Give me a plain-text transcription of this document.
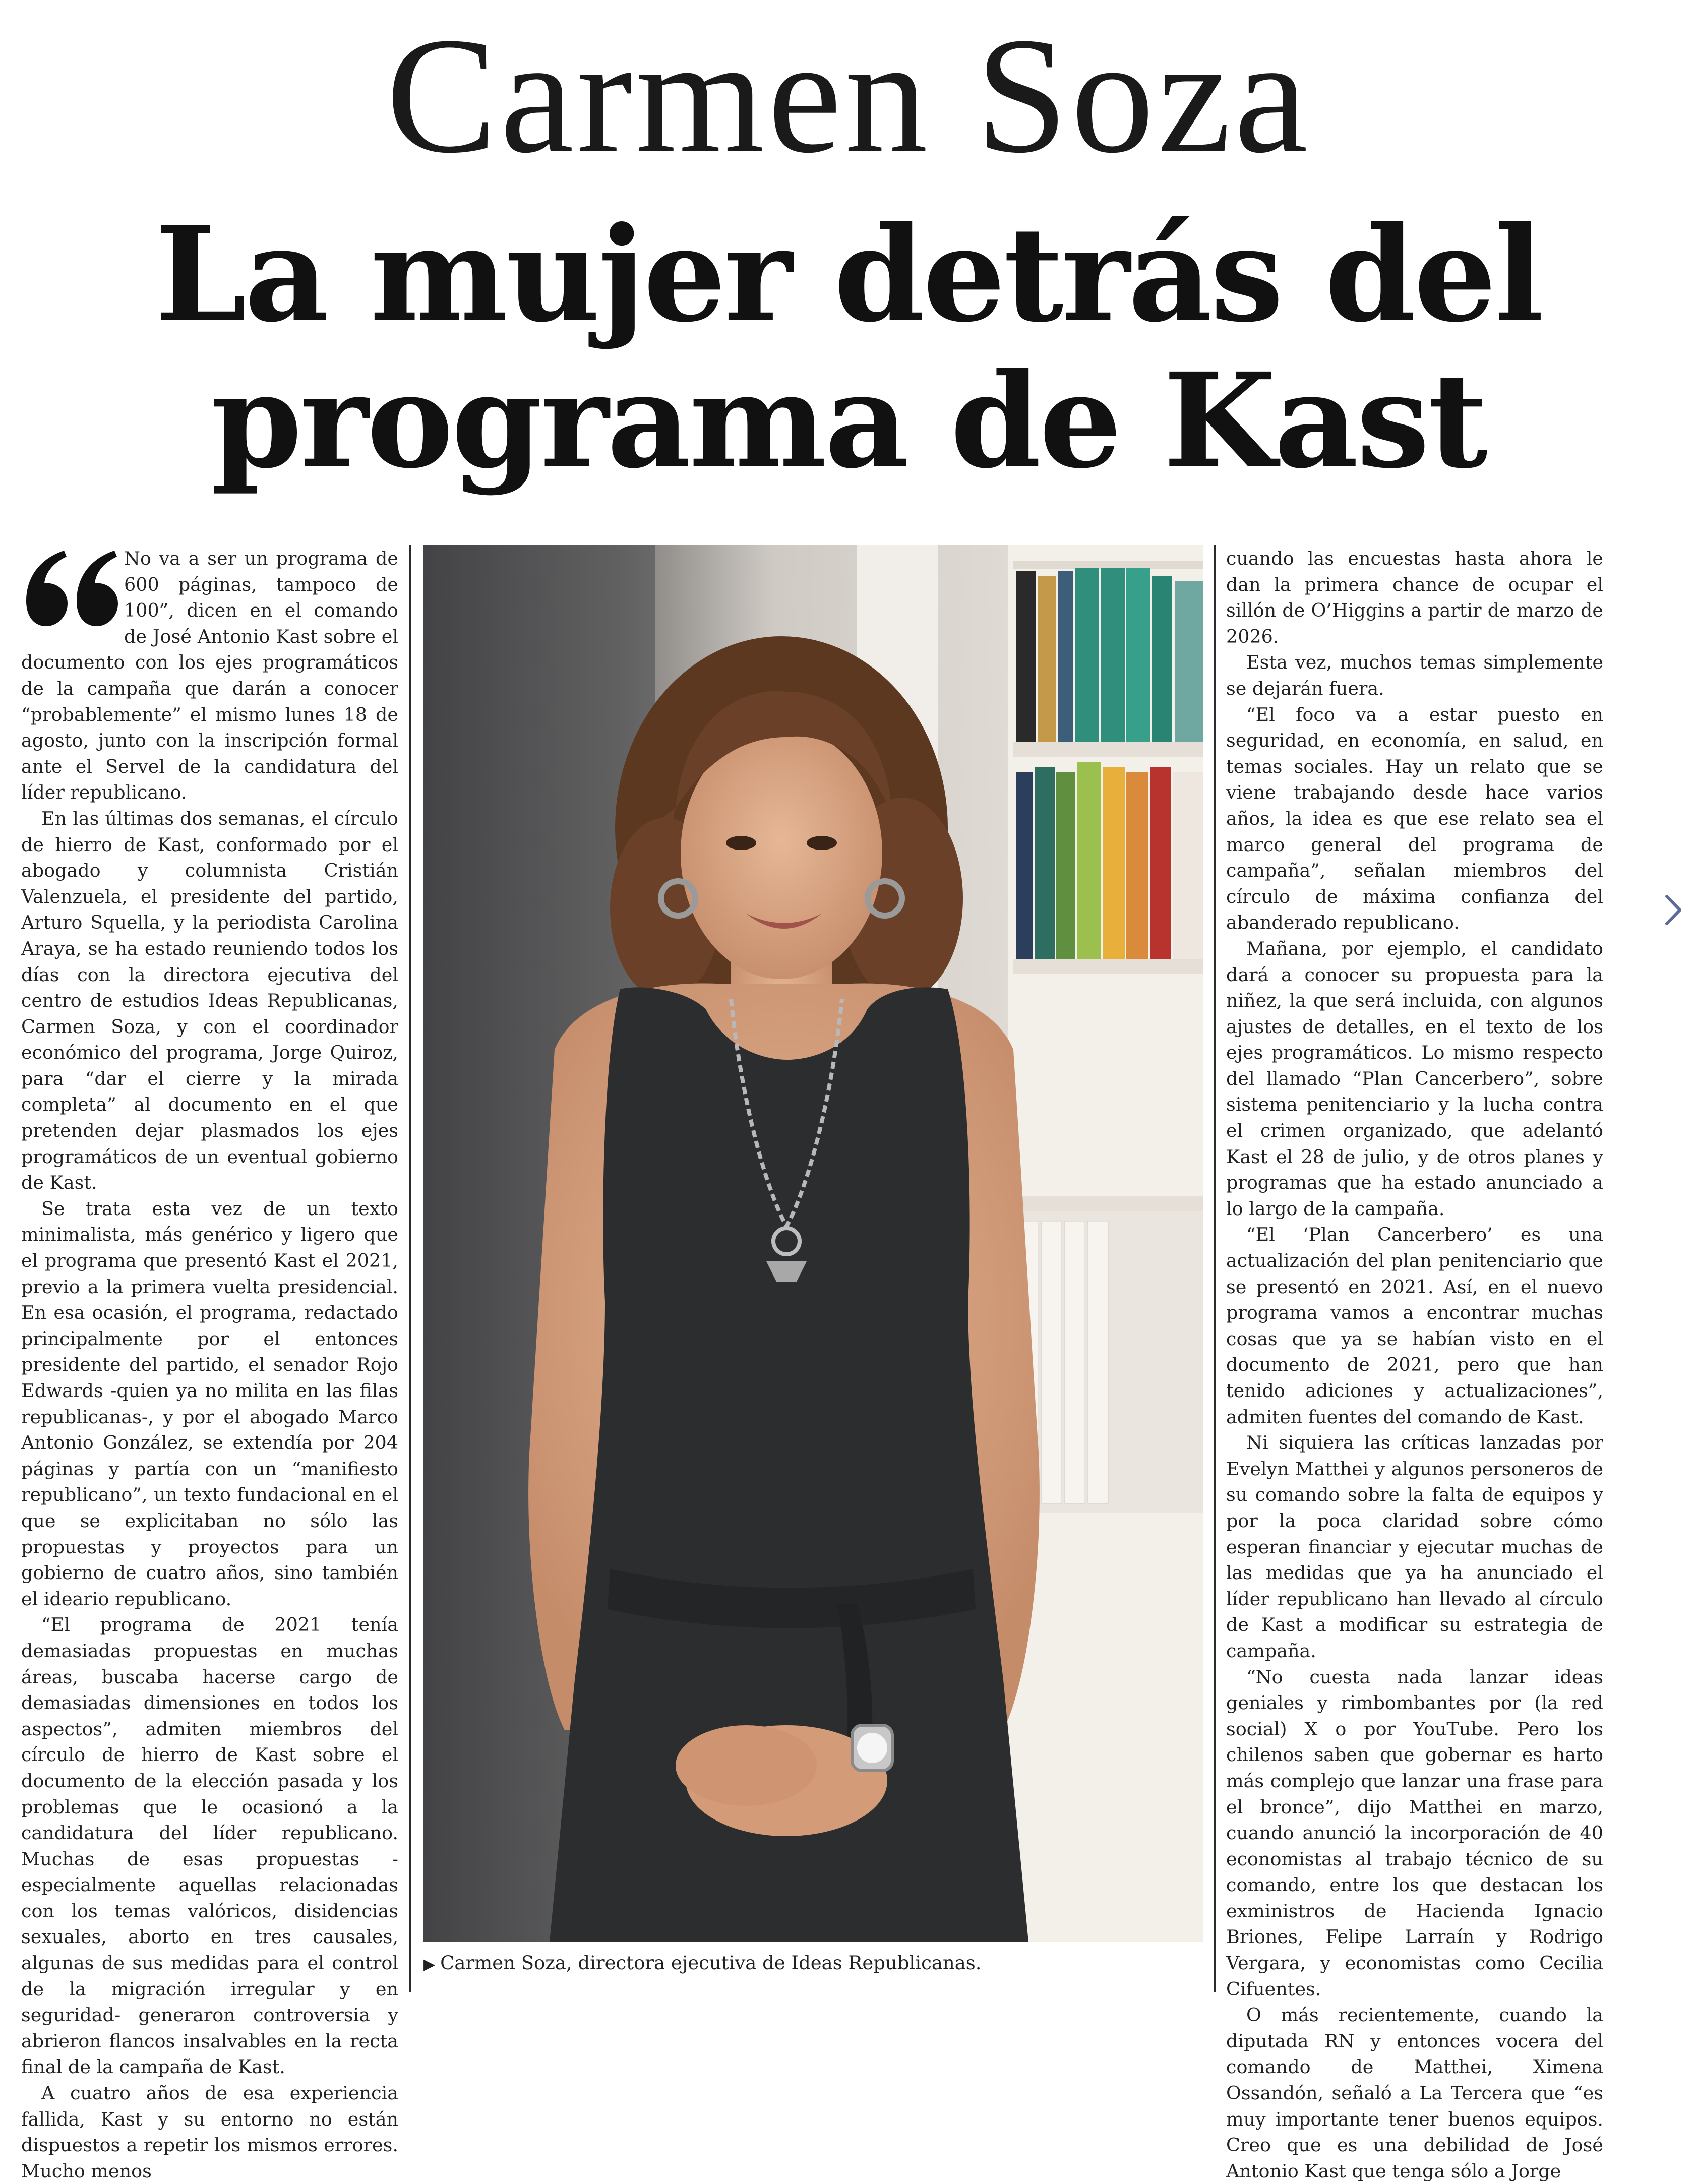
Carmen Soza
La mujer detrás del
programa de Kast

No va a ser un programa de 600 páginas, tampoco de 100”, dicen en el comando de José Antonio Kast sobre el documento con los ejes programáticos de la campaña que darán a conocer “probablemente” el mismo lunes 18 de agosto, junto con la inscripción formal ante el Servel de la candidatura del líder republicano.

En las últimas dos semanas, el círculo de hierro de Kast, conformado por el abogado y columnista Cristián Valenzuela, el presidente del partido, Arturo Squella, y la periodista Carolina Araya, se ha estado reuniendo todos los días con la directora ejecutiva del centro de estudios Ideas Republicanas, Carmen Soza, y con el coordinador económico del programa, Jorge Quiroz, para “dar el cierre y la mirada completa” al documento en el que pretenden dejar plasmados los ejes programáticos de un eventual gobierno de Kast.

Se trata esta vez de un texto minimalista, más genérico y ligero que el programa que presentó Kast el 2021, previo a la primera vuelta presidencial. En esa ocasión, el programa, redactado principalmente por el entonces presidente del partido, el senador Rojo Edwards -quien ya no milita en las filas republicanas-, y por el abogado Marco Antonio González, se extendía por 204 páginas y partía con un “manifiesto republicano”, un texto fundacional en el que se explicitaban no sólo las propuestas y proyectos para un gobierno de cuatro años, sino también el ideario republicano.

“El programa de 2021 tenía demasiadas propuestas en muchas áreas, buscaba hacerse cargo de demasiadas dimensiones en todos los aspectos”, admiten miembros del círculo de hierro de Kast sobre el documento de la elección pasada y los problemas que le ocasionó a la candidatura del líder republicano. Muchas de esas propuestas -especialmente aquellas relacionadas con los temas valóricos, disidencias sexuales, aborto en tres causales, algunas de sus medidas para el control de la migración irregular y en seguridad- generaron controversia y abrieron flancos insalvables en la recta final de la campaña de Kast.

A cuatro años de esa experiencia fallida, Kast y su entorno no están dispuestos a repetir los mismos errores. Mucho menos

▶ Carmen Soza, directora ejecutiva de Ideas Republicanas.

cuando las encuestas hasta ahora le dan la primera chance de ocupar el sillón de O’Higgins a partir de marzo de 2026.

Esta vez, muchos temas simplemente se dejarán fuera.

“El foco va a estar puesto en seguridad, en economía, en salud, en temas sociales. Hay un relato que se viene trabajando desde hace varios años, la idea es que ese relato sea el marco general del programa de campaña”, señalan miembros del círculo de máxima confianza del abanderado republicano.

Mañana, por ejemplo, el candidato dará a conocer su propuesta para la niñez, la que será incluida, con algunos ajustes de detalles, en el texto de los ejes programáticos. Lo mismo respecto del llamado “Plan Cancerbero”, sobre sistema penitenciario y la lucha contra el crimen organizado, que adelantó Kast el 28 de julio, y de otros planes y programas que ha estado anunciado a lo largo de la campaña.

“El ‘Plan Cancerbero’ es una actualización del plan penitenciario que se presentó en 2021. Así, en el nuevo programa vamos a encontrar muchas cosas que ya se habían visto en el documento de 2021, pero que han tenido adiciones y actualizaciones”, admiten fuentes del comando de Kast.

Ni siquiera las críticas lanzadas por Evelyn Matthei y algunos personeros de su comando sobre la falta de equipos y por la poca claridad sobre cómo esperan financiar y ejecutar muchas de las medidas que ya ha anunciado el líder republicano han llevado al círculo de Kast a modificar su estrategia de campaña.

“No cuesta nada lanzar ideas geniales y rimbombantes por (la red social) X o por YouTube. Pero los chilenos saben que gobernar es harto más complejo que lanzar una frase para el bronce”, dijo Matthei en marzo, cuando anunció la incorporación de 40 economistas al trabajo técnico de su comando, entre los que destacan los exministros de Hacienda Ignacio Briones, Felipe Larraín y Rodrigo Vergara, y economistas como Cecilia Cifuentes.

O más recientemente, cuando la diputada RN y entonces vocera del comando de Matthei, Ximena Ossandón, señaló a La Tercera que “es muy importante tener buenos equipos. Creo que es una debilidad de José Antonio Kast que tenga sólo a Jorge
